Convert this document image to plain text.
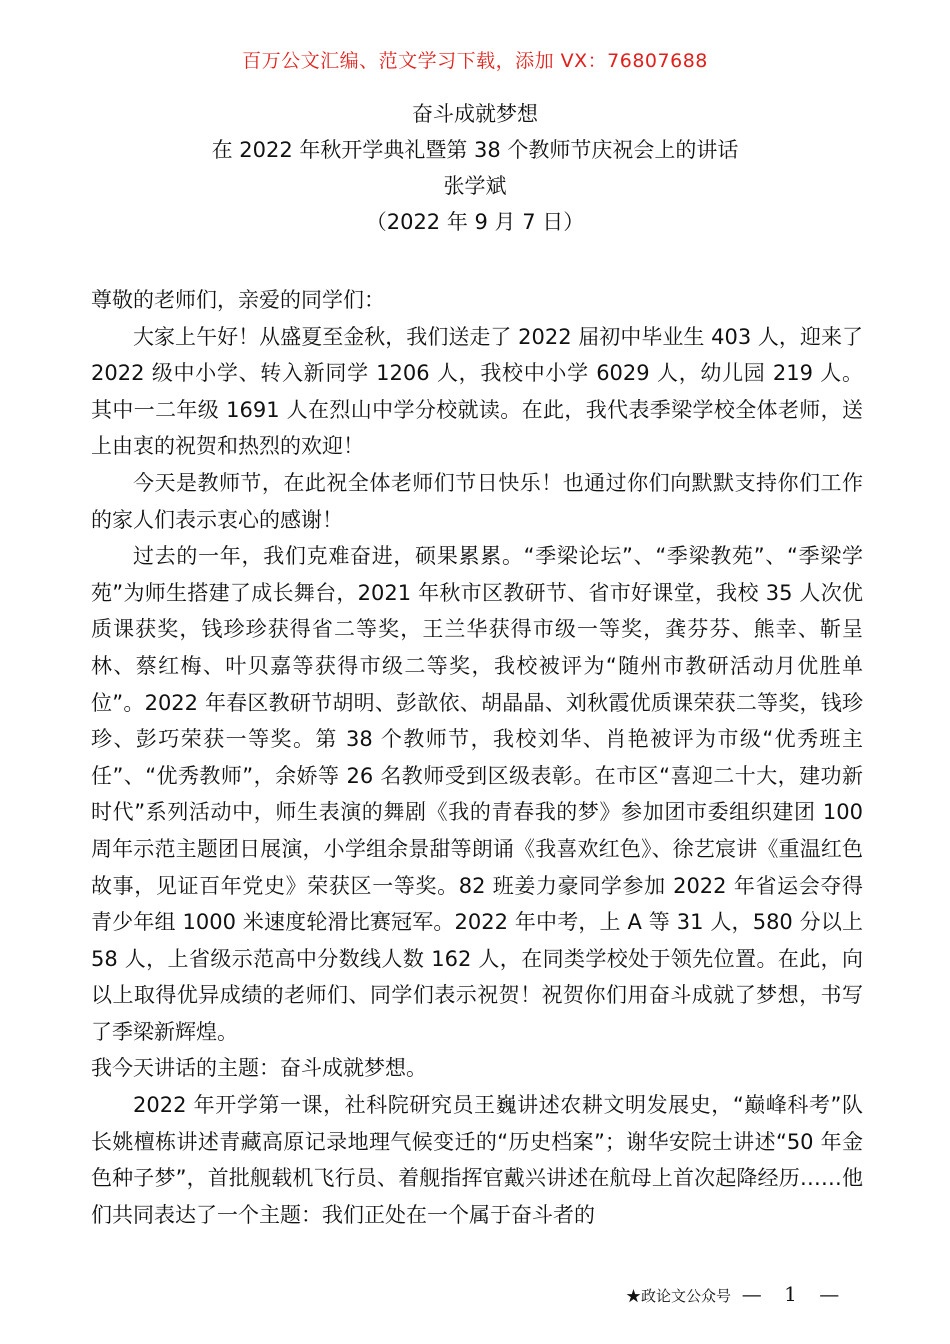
百万公文汇编、范文学习下载，添加 VX：76807688
奋斗成就梦想
在 2022 年秋开学典礼暨第 38 个教师节庆祝会上的讲话
张学斌
（2022 年 9 月 7 日）

尊敬的老师们，亲爱的同学们：

大家上午好！从盛夏至金秋，我们送走了 2022 届初中毕业生 403 人，迎来了 2022 级中小学、转入新同学 1206 人，我校中小学 6029 人，幼儿园 219 人。其中一二年级 1691 人在烈山中学分校就读。在此，我代表季梁学校全体老师，送上由衷的祝贺和热烈的欢迎！

今天是教师节，在此祝全体老师们节日快乐！也通过你们向默默支持你们工作的家人们表示衷心的感谢！

过去的一年，我们克难奋进，硕果累累。“季梁论坛”、“季梁教苑”、“季梁学苑”为师生搭建了成长舞台，2021 年秋市区教研节、省市好课堂，我校 35 人次优质课获奖，钱珍珍获得省二等奖，王兰华获得市级一等奖，龚芬芬、熊幸、靳呈林、蔡红梅、叶贝嘉等获得市级二等奖，我校被评为“随州市教研活动月优胜单位”。2022 年春区教研节胡明、彭歆依、胡晶晶、刘秋霞优质课荣获二等奖，钱珍珍、彭巧荣获一等奖。第 38 个教师节，我校刘华、肖艳被评为市级“优秀班主任”、“优秀教师”，余娇等 26 名教师受到区级表彰。在市区“喜迎二十大，建功新时代”系列活动中，师生表演的舞剧《我的青春我的梦》参加团市委组织建团 100 周年示范主题团日展演，小学组余景甜等朗诵《我喜欢红色》、徐艺宸讲《重温红色故事，见证百年党史》荣获区一等奖。82 班姜力豪同学参加 2022 年省运会夺得青少年组 1000 米速度轮滑比赛冠军。2022 年中考，上 A 等 31 人，580 分以上 58 人，上省级示范高中分数线人数 162 人，在同类学校处于领先位置。在此，向以上取得优异成绩的老师们、同学们表示祝贺！祝贺你们用奋斗成就了梦想，书写了季梁新辉煌。

我今天讲话的主题：奋斗成就梦想。

2022 年开学第一课，社科院研究员王巍讲述农耕文明发展史，“巅峰科考”队长姚檀栋讲述青藏高原记录地理气候变迁的“历史档案”；谢华安院士讲述“50 年金色种子梦”，首批舰载机飞行员、着舰指挥官戴兴讲述在航母上首次起降经历……他们共同表达了一个主题：我们正处在一个属于奋斗者的

★政论文公众号 — 1 —
